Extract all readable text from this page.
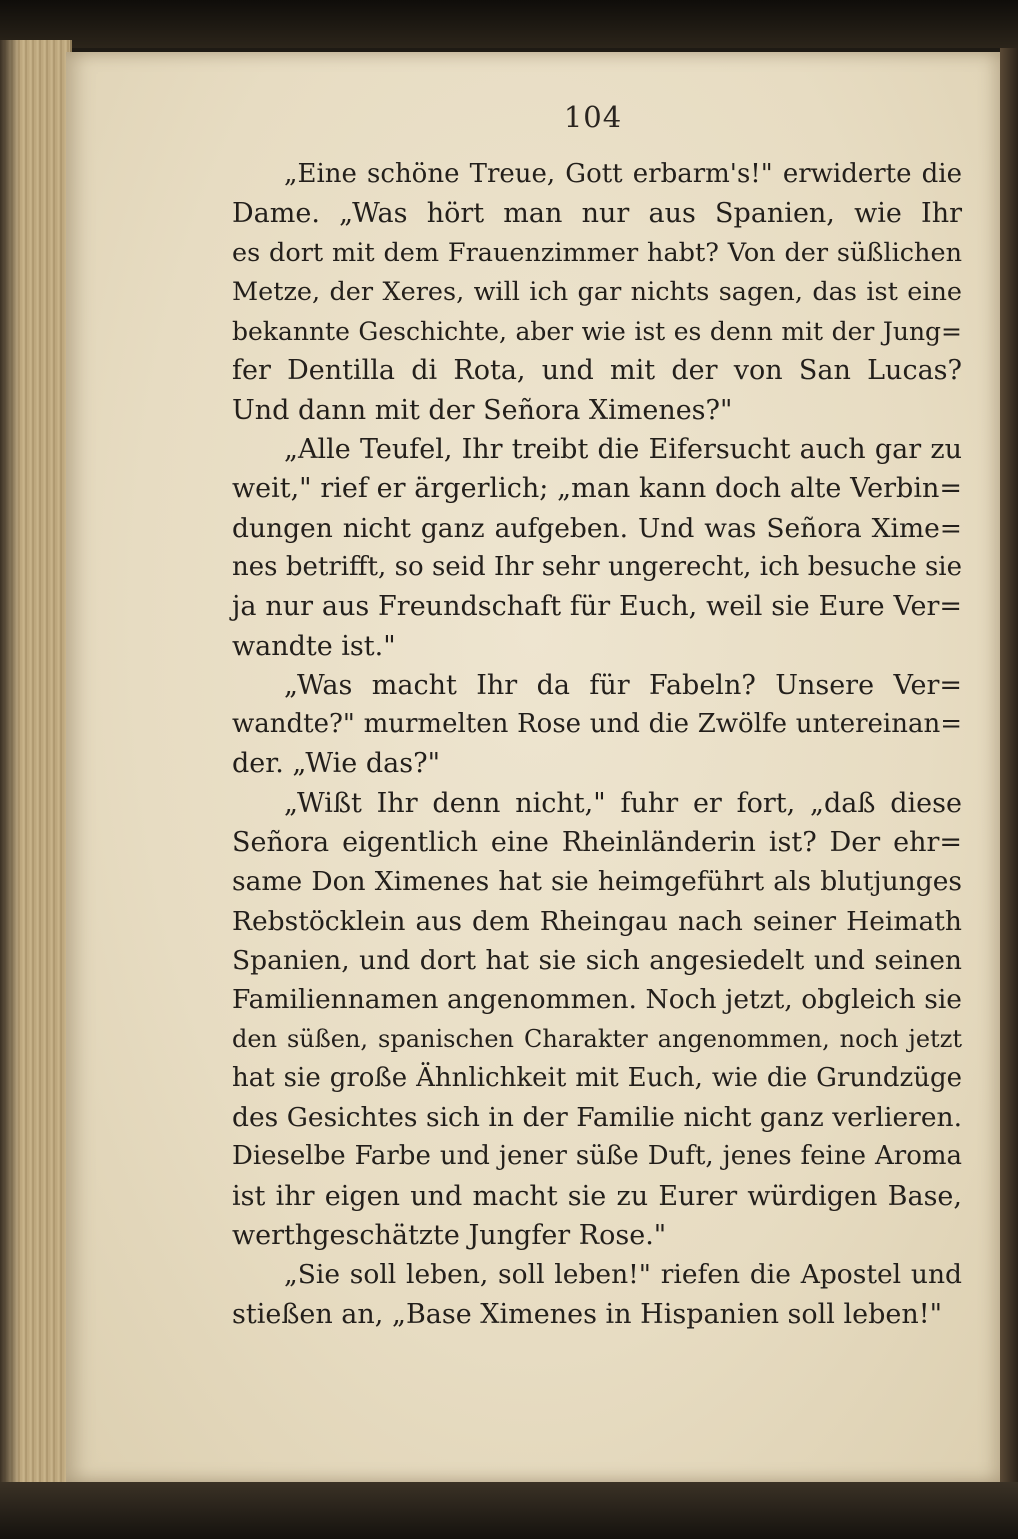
104
„Eine schöne Treue, Gott erbarm's!" erwiderte die
Dame. „Was hört man nur aus Spanien, wie Ihr
es dort mit dem Frauenzimmer habt? Von der süßlichen
Metze, der Xeres, will ich gar nichts sagen, das ist eine
bekannte Geschichte, aber wie ist es denn mit der Jung=
fer Dentilla di Rota, und mit der von San Lucas?
Und dann mit der Señora Ximenes?"
„Alle Teufel, Ihr treibt die Eifersucht auch gar zu
weit," rief er ärgerlich; „man kann doch alte Verbin=
dungen nicht ganz aufgeben. Und was Señora Xime=
nes betrifft, so seid Ihr sehr ungerecht, ich besuche sie
ja nur aus Freundschaft für Euch, weil sie Eure Ver=
wandte ist."
„Was macht Ihr da für Fabeln? Unsere Ver=
wandte?" murmelten Rose und die Zwölfe untereinan=
der. „Wie das?"
„Wißt Ihr denn nicht," fuhr er fort, „daß diese
Señora eigentlich eine Rheinländerin ist? Der ehr=
same Don Ximenes hat sie heimgeführt als blutjunges
Rebstöcklein aus dem Rheingau nach seiner Heimath
Spanien, und dort hat sie sich angesiedelt und seinen
Familiennamen angenommen. Noch jetzt, obgleich sie
den süßen, spanischen Charakter angenommen, noch jetzt
hat sie große Ähnlichkeit mit Euch, wie die Grundzüge
des Gesichtes sich in der Familie nicht ganz verlieren.
Dieselbe Farbe und jener süße Duft, jenes feine Aroma
ist ihr eigen und macht sie zu Eurer würdigen Base,
werthgeschätzte Jungfer Rose."
„Sie soll leben, soll leben!" riefen die Apostel und
stießen an, „Base Ximenes in Hispanien soll leben!"
